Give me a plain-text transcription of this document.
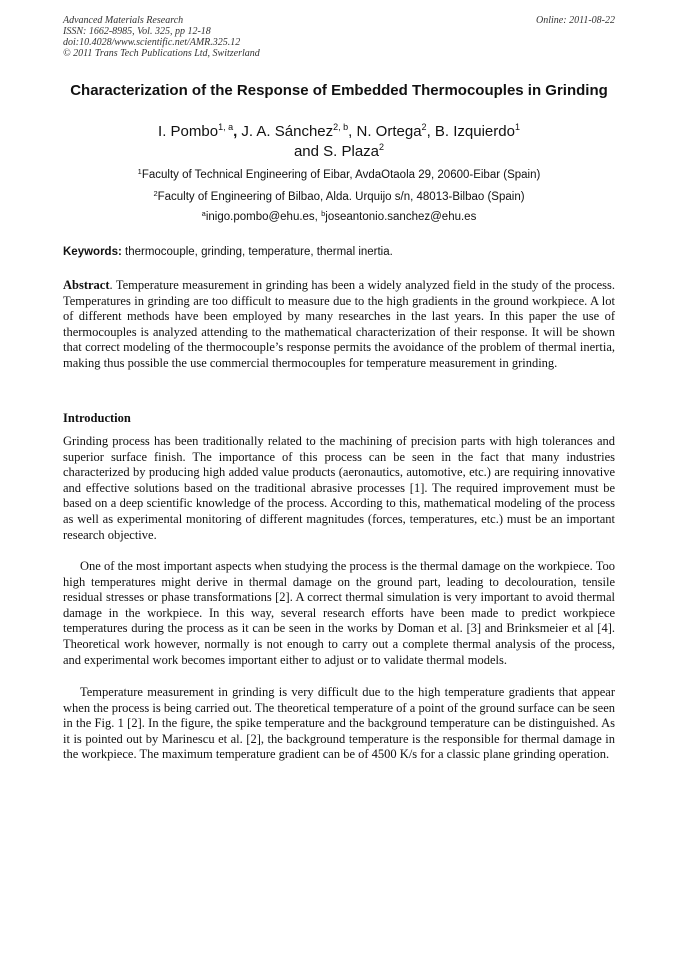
Advanced Materials Research
ISSN: 1662-8985, Vol. 325, pp 12-18
doi:10.4028/www.scientific.net/AMR.325.12
© 2011 Trans Tech Publications Ltd, Switzerland
Online: 2011-08-22
Characterization of the Response of Embedded Thermocouples in Grinding
I. Pombo$^{1, a}$, J. A. Sánchez$^{2, b}$, N. Ortega$^2$, B. Izquierdo$^1$
and S. Plaza$^2$
$^1$Faculty of Technical Engineering of Eibar, AvdaOtaola 29, 20600-Eibar (Spain)
$^2$Faculty of Engineering of Bilbao, Alda. Urquijo s/n, 48013-Bilbao (Spain)
$^a$inigo.pombo@ehu.es, $^b$joseantonio.sanchez@ehu.es
Keywords: thermocouple, grinding, temperature, thermal inertia.
Abstract. Temperature measurement in grinding has been a widely analyzed field in the study of the process. Temperatures in grinding are too difficult to measure due to the high gradients in the ground workpiece. A lot of different methods have been employed by many researches in the last years. In this paper the use of thermocouples is analyzed attending to the mathematical characterization of their response. It will be shown that correct modeling of the thermocouple’s response permits the avoidance of the problem of thermal inertia, making thus possible the use commercial thermocouples for temperature measurement in grinding.
Introduction
Grinding process has been traditionally related to the machining of precision parts with high tolerances and superior surface finish. The importance of this process can be seen in the fact that many industries characterized by producing high added value products (aeronautics, automotive, etc.) are requiring innovative and effective solutions based on the traditional abrasive processes [1]. The required improvement must be based on a deep scientific knowledge of the process. According to this, mathematical modeling of the process as well as experimental monitoring of different magnitudes (forces, temperatures, etc.) must be an important research objective.
One of the most important aspects when studying the process is the thermal damage on the workpiece. Too high temperatures might derive in thermal damage on the ground part, leading to decolouration, tensile residual stresses or phase transformations [2]. A correct thermal simulation is very important to avoid thermal damage in the workpiece. In this way, several research efforts have been made to predict workpiece temperatures during the process as it can be seen in the works by Doman et al. [3] and Brinksmeier et al [4]. Theoretical work however, normally is not enough to carry out a complete thermal analysis of the process, and experimental work becomes important either to adjust or to validate thermal models.
Temperature measurement in grinding is very difficult due to the high temperature gradients that appear when the process is being carried out. The theoretical temperature of a point of the ground surface can be seen in the Fig. 1 [2]. In the figure, the spike temperature and the background temperature can be distinguished. As it is pointed out by Marinescu et al. [2], the background temperature is the responsible for thermal damage in the workpiece. The maximum temperature gradient can be of 4500 K/s for a classic plane grinding operation.
